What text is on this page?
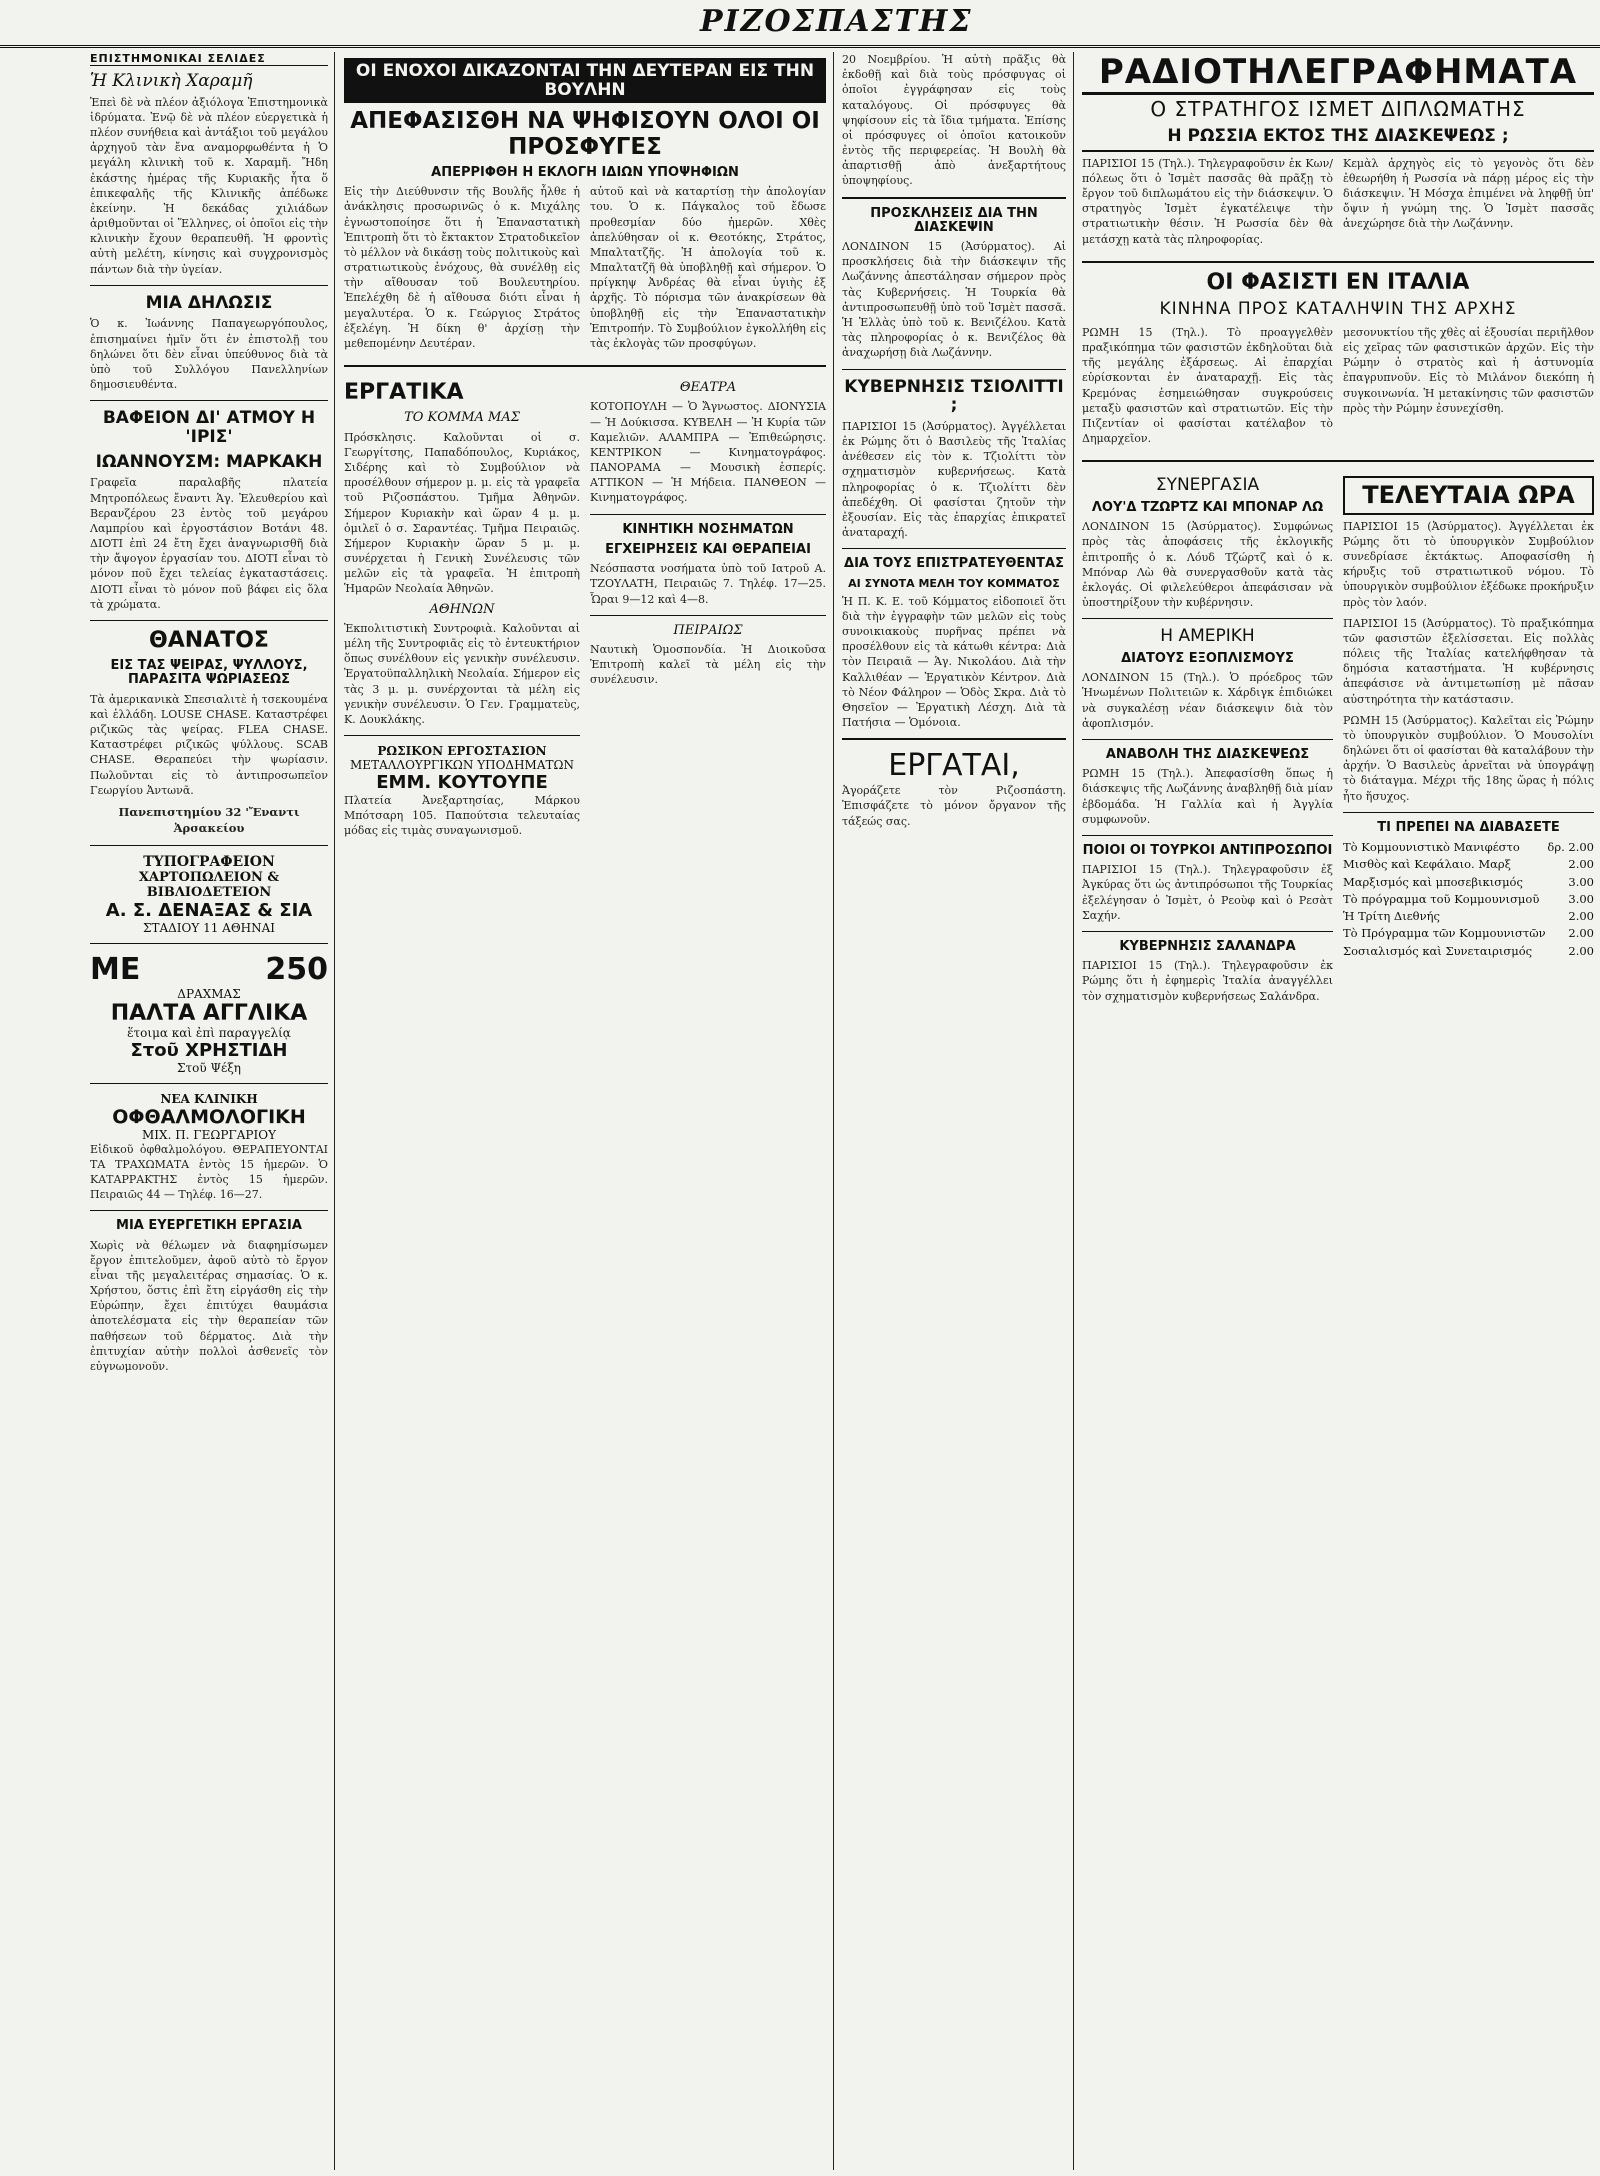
ΡΙΖΟΣΠΑΣΤΗΣ
ΕΠΙΣΤΗΜΟΝΙΚΑΙ ΣΕΛΙΔΕΣ
Ἡ Κλινικὴ Χαραμῆ
Ἐπεὶ δὲ νὰ πλέον ἀξιόλογα Ἐπιστημονικὰ ἱδρύματα. Ἐνῷ δὲ νὰ πλέον εὐεργετικὰ ἡ πλέον συνήθεια καὶ ἀντάξιοι τοῦ μεγάλου ἀρχηγοῦ τὰν ἔνα αναμορφωθέντα ἡ Ὁ μεγάλη κλινικὴ τοῦ κ. Χαραμῆ. Ἤδη ἐκάστης ἡμέρας τῆς Κυριακῆς ἦτα ὅ ἐπικεφαλῆς τῆς Κλινικῆς ἀπέδωκε ἐκείνην. Ἡ δεκάδας χιλιάδων ἀριθμοῦνται οἱ Ἕλληνες, οἱ ὁποῖοι εἰς τὴν κλινικὴν ἔχουν θεραπευθῆ. Ἡ φροντὶς αὐτὴ μελέτη, κίνησις καὶ συγχρονισμὸς πάντων διὰ τὴν ὑγείαν.
ΜΙΑ ΔΗΛΩΣΙΣ
Ὁ κ. Ἰωάννης Παπαγεωργόπουλος, ἐπισημαίνει ἡμῖν ὅτι ἐν ἐπιστολῇ του δηλώνει ὅτι δὲν εἶναι ὑπεύθυνος διὰ τὰ ὑπὸ τοῦ Συλλόγου Πανελληνίων δημοσιευθέντα.
ΒΑΦΕΙΟΝ ΔΙ' ΑΤΜΟΥ Η 'ΙΡΙΣ'
ΙΩΑΝΝΟΥΣΜ: ΜΑΡΚΑΚΗ
Γραφεῖα παραλαβῆς πλατεία Μητροπόλεως ἔναντι Ἁγ. Ἐλευθερίου καὶ Βερανζέρου 23 ἐντὸς τοῦ μεγάρου Λαμπρίου καὶ ἐργοστάσιον Βοτάνι 48. ΔΙΟΤΙ ἐπὶ 24 ἔτη ἔχει ἀναγνωρισθῆ διὰ τὴν ἄψογον ἐργασίαν του. ΔΙΟΤΙ εἶναι τὸ μόνον ποῦ ἔχει τελείας ἐγκαταστάσεις. ΔΙΟΤΙ εἶναι τὸ μόνον ποῦ βάφει εἰς ὅλα τὰ χρώματα.
ΘΑΝΑΤΟΣ
ΕΙΣ ΤΑΣ ΨΕΙΡΑΣ, ΨΥΛΛΟΥΣ, ΠΑΡΑΣΙΤΑ ΨΩΡΙΑΣΕΩΣ
Τὰ ἀμερικανικὰ Σπεσιαλιτὲ ἡ τσεκουμένα καὶ ἐλλάδη. LOUSE CHASE. Καταστρέφει ριζικῶς τὰς ψείρας. FLEA CHASE. Καταστρέφει ριζικῶς ψύλλους. SCAB CHASE. Θεραπεύει τὴν ψωρίασιν. Πωλοῦνται εἰς τὸ ἀντιπροσωπεῖον Γεωργίου Ἀντωνᾶ.
Πανεπιστημίου 32 'Ἔναντι Ἀρσακείου
ΤΥΠΟΓΡΑΦΕΙΟΝ
ΧΑΡΤΟΠΩΛΕΙΟΝ & ΒΙΒΛΙΟΔΕΤΕΙΟΝ
Α. Σ. ΔΕΝΑΞΑΣ & ΣΙΑ
ΣΤΑΔΙΟΥ 11 ΑΘΗΝΑΙ
ΜΕ	250
ΔΡΑΧΜΑΣ
ΠΑΛΤΑ ΑΓΓΛΙΚΑ
ἕτοιμα καὶ ἐπὶ παραγγελίᾳ
Στοῦ ΧΡΗΣΤΙΔΗ
Στοῦ Ψέξη
ΝΕΑ ΚΛΙΝΙΚΗ
ΟΦΘΑΛΜΟΛΟΓΙΚΗ
ΜΙΧ. Π. ΓΕΩΡΓΑΡΙΟΥ
Εἰδικοῦ ὀφθαλμολόγου. ΘΕΡΑΠΕΥΟΝΤΑΙ ΤΑ ΤΡΑΧΩΜΑΤΑ ἐντὸς 15 ἡμερῶν. Ὁ ΚΑΤΑΡΡΑΚΤΗΣ ἐντὸς 15 ἡμερῶν. Πειραιῶς 44 — Τηλέφ. 16—27.
ΜΙΑ ΕΥΕΡΓΕΤΙΚΗ ΕΡΓΑΣΙΑ
Χωρὶς νὰ θέλωμεν νὰ διαφημίσωμεν ἔργον ἐπιτελοῦμεν, ἀφοῦ αὐτὸ τὸ ἔργον εἶναι τῆς μεγαλειτέρας σημασίας. Ὁ κ. Χρήστου, ὅστις ἐπὶ ἔτη εἰργάσθη εἰς τὴν Εὐρώπην, ἔχει ἐπιτύχει θαυμάσια ἀποτελέσματα εἰς τὴν θεραπείαν τῶν παθήσεων τοῦ δέρματος. Διὰ τὴν ἐπιτυχίαν αὐτὴν πολλοὶ ἀσθενεῖς τὸν εὐγνωμονοῦν.
ΟΙ ΕΝΟΧΟΙ ΔΙΚΑΖΟΝΤΑΙ ΤΗΝ ΔΕΥΤΕΡΑΝ ΕΙΣ ΤΗΝ ΒΟΥΛΗΝ
ΑΠΕΦΑΣΙΣΘΗ ΝΑ ΨΗΦΙΣΟΥΝ ΟΛΟΙ ΟΙ ΠΡΟΣΦΥΓΕΣ
ΑΠΕΡΡΙΦΘΗ Η ΕΚΛΟΓΗ ΙΔΙΩΝ ΥΠΟΨΗΦΙΩΝ
Εἰς τὴν Διεύθυνσιν τῆς Βουλῆς ἦλθε ἡ ἀνάκλησις προσωρινῶς ὁ κ. Μιχάλης ἐγνωστοποίησε ὅτι ἡ Ἐπαναστατικὴ Ἐπιτροπὴ ὅτι τὸ ἔκτακτον Στρατοδικεῖον τὸ μέλλον νὰ δικάσῃ τοὺς πολιτικοὺς καὶ στρατιωτικοὺς ἐνόχους, θὰ συνέλθῃ εἰς τὴν αἴθουσαν τοῦ Βουλευτηρίου. Ἐπελέχθη δὲ ἡ αἴθουσα διότι εἶναι ἡ μεγαλυτέρα. Ὁ κ. Γεώργιος Στράτος ἐξελέγη. Ἡ δίκη θ' ἀρχίσῃ τὴν μεθεπομένην Δευτέραν.
αὐτοῦ καὶ νὰ καταρτίσῃ τὴν ἀπολογίαν του. Ὁ κ. Πάγκαλος τοῦ ἔδωσε προθεσμίαν δύο ἡμερῶν. Χθὲς ἀπελύθησαν οἱ κ. Θεοτόκης, Στράτος, Μπαλτατζῆς. Ἡ ἀπολογία τοῦ κ. Μπαλτατζῆ θὰ ὑποβληθῇ καὶ σήμερον. Ὁ πρίγκηψ Ἀνδρέας θὰ εἶναι ὑγιὴς ἐξ ἀρχῆς. Τὸ πόρισμα τῶν ἀνακρίσεων θὰ ὑποβληθῇ εἰς τὴν Ἐπαναστατικὴν Ἐπιτροπήν. Τὸ Συμβούλιον ἐγκολλήθη εἰς τὰς ἐκλογὰς τῶν προσφύγων.
ΕΡΓΑΤΙΚΑ
ΤΟ ΚΟΜΜΑ ΜΑΣ
Πρόσκλησις. Καλοῦνται οἱ σ. Γεωργίτσης, Παπαδόπουλος, Κυριάκος, Σιδέρης καὶ τὸ Συμβούλιον νὰ προσέλθουν σήμερον μ. μ. εἰς τὰ γραφεῖα τοῦ Ριζοσπάστου. Τμῆμα Ἀθηνῶν. Σήμερον Κυριακὴν καὶ ὥραν 4 μ. μ. ὁμιλεῖ ὁ σ. Σαραντέας. Τμῆμα Πειραιῶς. Σήμερον Κυριακὴν ὥραν 5 μ. μ. συνέρχεται ἡ Γενικὴ Συνέλευσις τῶν μελῶν εἰς τὰ γραφεῖα. Ἡ ἐπιτροπὴ Ἡμαρῶν Νεολαία Ἀθηνῶν.
ΑΘΗΝΩΝ
Ἐκπολιτιστικὴ Συντροφιὰ. Καλοῦνται αἱ μέλη τῆς Συντροφιᾶς εἰς τὸ ἐντευκτήριον ὅπως συνέλθουν εἰς γενικὴν συνέλευσιν. Ἐργατοϋπαλληλικὴ Νεολαία. Σήμερον εἰς τὰς 3 μ. μ. συνέρχονται τὰ μέλη εἰς γενικὴν συνέλευσιν. Ὁ Γεν. Γραμματεὺς, Κ. Δουκλάκης.
ΡΩΣΙΚΟΝ ΕΡΓΟΣΤΑΣΙΟΝ
ΜΕΤΑΛΛΟΥΡΓΙΚΩΝ ΥΠΟΔΗΜΑΤΩΝ
ΕΜΜ. ΚΟΥΤΟΥΠΕ
Πλατεία Ἀνεξαρτησίας, Μάρκου Μπότσαρη 105. Παπούτσια τελευταίας μόδας εἰς τιμὰς συναγωνισμοῦ.
ΘΕΑΤΡΑ
ΚΟΤΟΠΟΥΛΗ — Ὁ Ἄγνωστος. ΔΙΟΝΥΣΙΑ — Ἡ Δούκισσα. ΚΥΒΕΛΗ — Ἡ Κυρία τῶν Καμελιῶν. ΑΛΑΜΠΡΑ — Ἐπιθεώρησις. ΚΕΝΤΡΙΚΟΝ — Κινηματογράφος. ΠΑΝΟΡΑΜΑ — Μουσικὴ ἑσπερίς. ΑΤΤΙΚΟΝ — Ἡ Μήδεια. ΠΑΝΘΕΟΝ — Κινηματογράφος.
ΚΙΝΗΤΙΚΗ ΝΟΣΗΜΑΤΩΝ
ΕΓΧΕΙΡΗΣΕΙΣ ΚΑΙ ΘΕΡΑΠΕΙΑΙ
Νεόσπαστα νοσήματα ὑπὸ τοῦ Ιατροῦ Α. ΤΖΟΥΛΑΤΗ, Πειραιῶς 7. Τηλέφ. 17—25. Ὧραι 9—12 καὶ 4—8.
ΠΕΙΡΑΙΩΣ
Ναυτικὴ Ὁμοσπονδία. Ἡ Διοικοῦσα Ἐπιτροπὴ καλεῖ τὰ μέλη εἰς τὴν συνέλευσιν.
20 Νοεμβρίου. Ἡ αὐτὴ πρᾶξις θὰ ἐκδοθῇ καὶ διὰ τοὺς πρόσφυγας οἱ ὁποῖοι ἐγγράφησαν εἰς τοὺς καταλόγους. Οἱ πρόσφυγες θὰ ψηφίσουν εἰς τὰ ἴδια τμήματα. Ἐπίσης οἱ πρόσφυγες οἱ ὁποῖοι κατοικοῦν ἐντὸς τῆς περιφερείας. Ἡ Βουλὴ θὰ ἀπαρτισθῇ ἀπὸ ἀνεξαρτήτους ὑποψηφίους.
ΠΡΟΣΚΛΗΣΕΙΣ ΔΙΑ ΤΗΝ ΔΙΑΣΚΕΨΙΝ
ΛΟΝΔΙΝΟΝ 15 (Ἀσύρματος). Αἱ προσκλήσεις διὰ τὴν διάσκεψιν τῆς Λωζάννης ἀπεστάλησαν σήμερον πρὸς τὰς Κυβερνήσεις. Ἡ Τουρκία θὰ ἀντιπροσωπευθῇ ὑπὸ τοῦ Ἰσμὲτ πασσᾶ. Ἡ Ἑλλὰς ὑπὸ τοῦ κ. Βενιζέλου. Κατὰ τὰς πληροφορίας ὁ κ. Βενιζέλος θὰ ἀναχωρήσῃ διὰ Λωζάννην.
ΚΥΒΕΡΝΗΣΙΣ ΤΣΙΟΛΙΤΤΙ ;
ΠΑΡΙΣΙΟΙ 15 (Ἀσύρματος). Ἀγγέλλεται ἐκ Ρώμης ὅτι ὁ Βασιλεὺς τῆς Ἰταλίας ἀνέθεσεν εἰς τὸν κ. Τζιολίττι τὸν σχηματισμὸν κυβερνήσεως. Κατὰ πληροφορίας ὁ κ. Τζιολίττι δὲν ἀπεδέχθη. Οἱ φασίσται ζητοῦν τὴν ἐξουσίαν. Εἰς τὰς ἐπαρχίας ἐπικρατεῖ ἀναταραχή.
ΔΙΑ ΤΟΥΣ ΕΠΙΣΤΡΑΤΕΥΘΕΝΤΑΣ
ΑΙ ΣΥΝΟΤΑ ΜΕΛΗ ΤΟΥ ΚΟΜΜΑΤΟΣ
Ἡ Π. Κ. Ε. τοῦ Κόμματος εἰδοποιεῖ ὅτι διὰ τὴν ἐγγραφὴν τῶν μελῶν εἰς τοὺς συνοικιακοὺς πυρῆνας πρέπει νὰ προσέλθουν εἰς τὰ κάτωθι κέντρα: Διὰ τὸν Πειραιᾶ — Ἁγ. Νικολάου. Διὰ τὴν Καλλιθέαν — Ἐργατικὸν Κέντρον. Διὰ τὸ Νέον Φάληρον — Ὁδὸς Σκρα. Διὰ τὸ Θησεῖον — Ἐργατικὴ Λέσχη. Διὰ τὰ Πατήσια — Ὁμόνοια.
ΕΡΓΑΤΑΙ,
Ἀγοράζετε τὸν Ριζοσπάστη. Ἐπισφάζετε τὸ μόνον ὄργανον τῆς τάξεώς σας.
ΡΑΔΙΟΤΗΛΕΓΡΑΦΗΜΑΤΑ
Ο ΣΤΡΑΤΗΓΟΣ ΙΣΜΕΤ ΔΙΠΛΩΜΑΤΗΣ
Η ΡΩΣΣΙΑ ΕΚΤΟΣ ΤΗΣ ΔΙΑΣΚΕΨΕΩΣ ;
ΠΑΡΙΣΙΟΙ 15 (Τηλ.). Τηλεγραφοῦσιν ἐκ Κων/πόλεως ὅτι ὁ Ἰσμὲτ πασσᾶς θὰ πρᾶξῃ τὸ ἔργον τοῦ διπλωμάτου εἰς τὴν διάσκεψιν. Ὁ στρατηγὸς Ἰσμὲτ ἐγκατέλειψε τὴν στρατιωτικὴν θέσιν. Ἡ Ρωσσία δὲν θὰ μετάσχῃ κατὰ τὰς πληροφορίας.
Κεμὰλ ἀρχηγὸς εἰς τὸ γεγονὸς ὅτι δὲν ἐθεωρήθη ἡ Ρωσσία νὰ πάρῃ μέρος εἰς τὴν διάσκεψιν. Ἡ Μόσχα ἐπιμένει νὰ ληφθῇ ὑπ' ὄψιν ἡ γνώμη της. Ὁ Ἰσμὲτ πασσᾶς ἀνεχώρησε διὰ τὴν Λωζάννην.
ΟΙ ΦΑΣΙΣΤΙ ΕΝ ΙΤΑΛΙΑ
ΚΙΝΗΝΑ ΠΡΟΣ ΚΑΤΑΛΗΨΙΝ ΤΗΣ ΑΡΧΗΣ
ΡΩΜΗ 15 (Τηλ.). Τὸ προαγγελθὲν πραξικόπημα τῶν φασιστῶν ἐκδηλοῦται διὰ τῆς μεγάλης ἐξάρσεως. Αἱ ἐπαρχίαι εὑρίσκονται ἐν ἀναταραχῇ. Εἰς τὰς Κρεμόνας ἐσημειώθησαν συγκρούσεις μεταξὺ φασιστῶν καὶ στρατιωτῶν. Εἰς τὴν Πιζεντίαν οἱ φασίσται κατέλαβον τὸ Δημαρχεῖον.
μεσονυκτίου τῆς χθὲς αἱ ἐξουσίαι περιῆλθον εἰς χεῖρας τῶν φασιστικῶν ἀρχῶν. Εἰς τὴν Ρώμην ὁ στρατὸς καὶ ἡ ἀστυνομία ἐπαγρυπνοῦν. Εἰς τὸ Μιλάνον διεκόπη ἡ συγκοινωνία. Ἡ μετακίνησις τῶν φασιστῶν πρὸς τὴν Ρώμην ἐσυνεχίσθη.
ΣΥΝΕΡΓΑΣΙΑ
ΛΟΥ'Δ ΤΖΩΡΤΖ ΚΑΙ ΜΠΟΝΑΡ ΛΩ
ΛΟΝΔΙΝΟΝ 15 (Ἀσύρματος). Συμφώνως πρὸς τὰς ἀποφάσεις τῆς ἐκλογικῆς ἐπιτροπῆς ὁ κ. Λόυδ Τζώρτζ καὶ ὁ κ. Μπόναρ Λὼ θὰ συνεργασθοῦν κατὰ τὰς ἐκλογάς. Οἱ φιλελεύθεροι ἀπεφάσισαν νὰ ὑποστηρίξουν τὴν κυβέρνησιν.
Η ΑΜΕΡΙΚΗ
ΔΙΑΤΟΥΣ ΕΞΟΠΛΙΣΜΟΥΣ
ΛΟΝΔΙΝΟΝ 15 (Τηλ.). Ὁ πρόεδρος τῶν Ἡνωμένων Πολιτειῶν κ. Χάρδιγκ ἐπιδιώκει νὰ συγκαλέσῃ νέαν διάσκεψιν διὰ τὸν ἀφοπλισμόν.
ΑΝΑΒΟΛΗ ΤΗΣ ΔΙΑΣΚΕΨΕΩΣ
ΡΩΜΗ 15 (Τηλ.). Ἀπεφασίσθη ὅπως ἡ διάσκεψις τῆς Λωζάννης ἀναβληθῇ διὰ μίαν ἑβδομάδα. Ἡ Γαλλία καὶ ἡ Ἀγγλία συμφωνοῦν.
ΠΟΙΟΙ ΟΙ ΤΟΥΡΚΟΙ ΑΝΤΙΠΡΟΣΩΠΟΙ
ΠΑΡΙΣΙΟΙ 15 (Τηλ.). Τηλεγραφοῦσιν ἐξ Ἀγκύρας ὅτι ὡς ἀντιπρόσωποι τῆς Τουρκίας ἐξελέγησαν ὁ Ἰσμὲτ, ὁ Ρεοὺφ καὶ ὁ Ρεσὰτ Σαχήν.
ΚΥΒΕΡΝΗΣΙΣ ΣΑΛΑΝΔΡΑ
ΠΑΡΙΣΙΟΙ 15 (Τηλ.). Τηλεγραφοῦσιν ἐκ Ρώμης ὅτι ἡ ἐφημερὶς Ἰταλία ἀναγγέλλει τὸν σχηματισμὸν κυβερνήσεως Σαλάνδρα.
ΤΕΛΕΥΤΑΙΑ ΩΡΑ
ΠΑΡΙΣΙΟΙ 15 (Ἀσύρματος). Ἀγγέλλεται ἐκ Ρώμης ὅτι τὸ ὑπουργικὸν Συμβούλιον συνεδρίασε ἐκτάκτως. Αποφασίσθη ἡ κήρυξις τοῦ στρατιωτικοῦ νόμου. Τὸ ὑπουργικὸν συμβούλιον ἐξέδωκε προκήρυξιν πρὸς τὸν λαόν.
ΠΑΡΙΣΙΟΙ 15 (Ἀσύρματος). Τὸ πραξικόπημα τῶν φασιστῶν ἐξελίσσεται. Εἰς πολλὰς πόλεις τῆς Ἰταλίας κατελήφθησαν τὰ δημόσια καταστήματα. Ἡ κυβέρνησις ἀπεφάσισε νὰ ἀντιμετωπίσῃ μὲ πᾶσαν αὐστηρότητα τὴν κατάστασιν.
ΡΩΜΗ 15 (Ἀσύρματος). Καλεῖται εἰς Ῥώμην τὸ ὑπουργικὸν συμβούλιον. Ὁ Μουσολίνι δηλώνει ὅτι οἱ φασίσται θὰ καταλάβουν τὴν ἀρχήν. Ὁ Βασιλεὺς ἀρνεῖται νὰ ὑπογράψῃ τὸ διάταγμα. Μέχρι τῆς 18ης ὥρας ἡ πόλις ἦτο ἥσυχος.
ΤΙ ΠΡΕΠΕΙ ΝΑ ΔΙΑΒΑΣΕΤΕ
Τὸ Κομμουνιστικὸ Μανιφέστο δρ. 2.00
Μισθὸς καὶ Κεφάλαιο. Μαρξ	2.00
Μαρξισμός καὶ μποσεβικισμός	3.00
Τὸ πρόγραμμα τοῦ Κομμουνισμοῦ	3.00
Ἡ Τρίτη Διεθνής	2.00
Τὸ Πρόγραμμα τῶν Κομμουνιστῶν 2.00
Σοσιαλισμός καὶ Συνεταιρισμός	2.00
